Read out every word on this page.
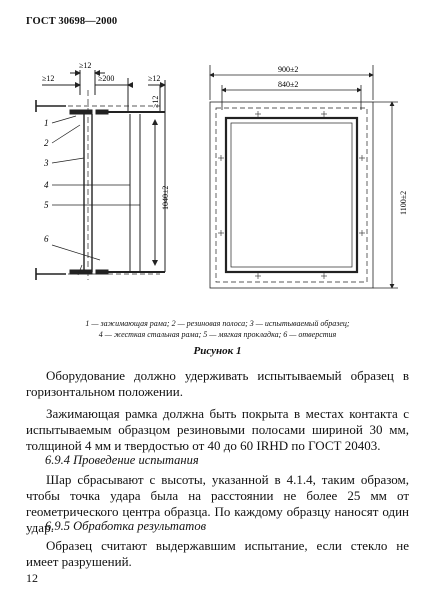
ГОСТ 30698—2000
≥12
≥12	≥200	≥12
≥12
1040±2
1
2
3
4
5
6
900±2
840±2
1100±2
1 — зажимающая рама; 2 — резиновая полоса; 3 — испытываемый образец;
4 — жесткая стальная рама; 5 — мягкая прокладка; 6 — отверстия
Рисунок 1
Оборудование должно удерживать испытываемый образец в горизонтальном положении.
Зажимающая рамка должна быть покрыта в местах контакта с испытываемым образцом резиновыми полосами шириной 30 мм, толщиной 4 мм и твердостью от 40 до 60 IRHD по ГОСТ 20403.
6.9.4 Проведение испытания
Шар сбрасывают с высоты, указанной в 4.1.4, таким образом, чтобы точка удара была на расстоянии не более 25 мм от геометрического центра образца. По каждому образцу наносят один удар.
6.9.5 Обработка результатов
Образец считают выдержавшим испытание, если стекло не имеет разрушений.
12
